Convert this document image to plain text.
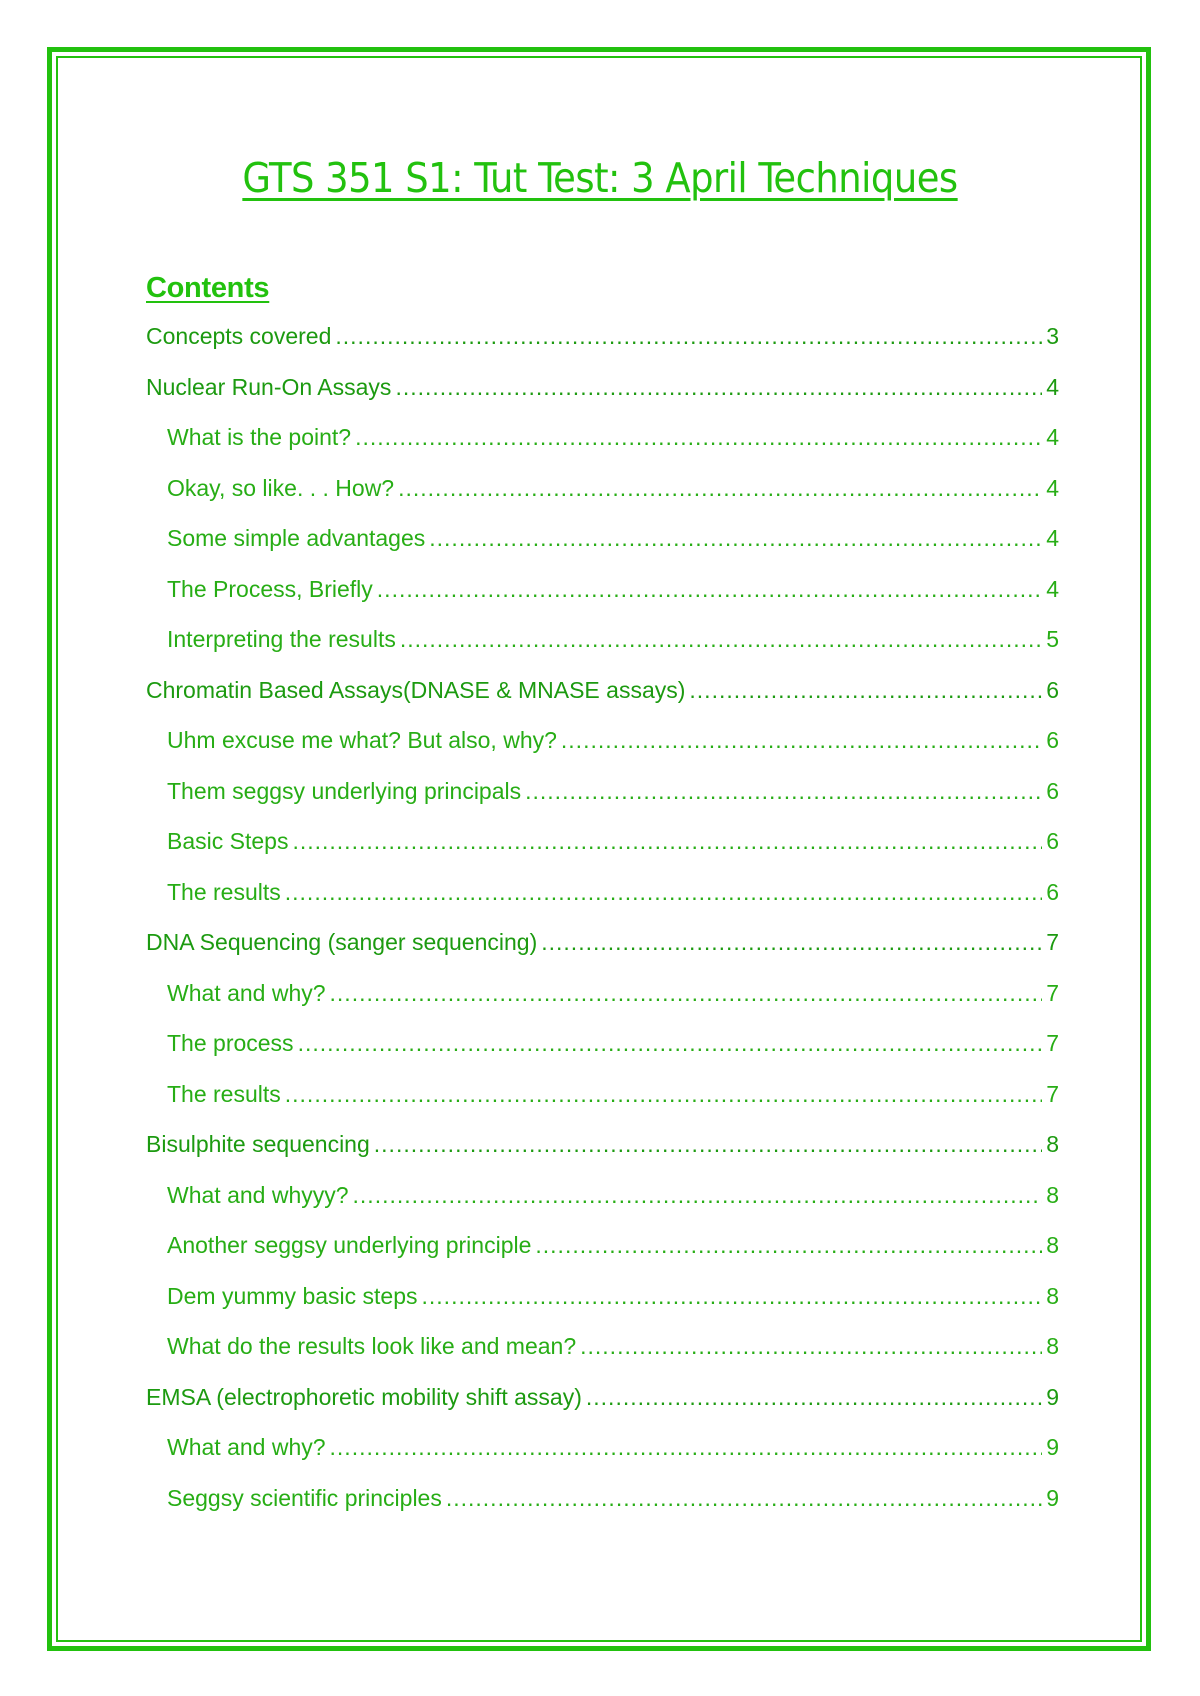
GTS 351 S1: Tut Test: 3 April Techniques
Contents
Concepts covered .....	3
Nuclear Run-On Assays .....	4
What is the point? .....	4
Okay, so like. . . How? .....	4
Some simple advantages .....	4
The Process, Briefly .....	4
Interpreting the results .....	5
Chromatin Based Assays(DNASE & MNASE assays) .....	6
Uhm excuse me what? But also, why? .....	6
Them seggsy underlying principals .....	6
Basic Steps .....	6
The results .....	6
DNA Sequencing (sanger sequencing) .....	7
What and why? .....	7
The process .....	7
The results .....	7
Bisulphite sequencing .....	8
What and whyyy? .....	8
Another seggsy underlying principle .....	8
Dem yummy basic steps .....	8
What do the results look like and mean? .....	8
EMSA (electrophoretic mobility shift assay) .....	9
What and why? .....	9
Seggsy scientific principles .....	9
